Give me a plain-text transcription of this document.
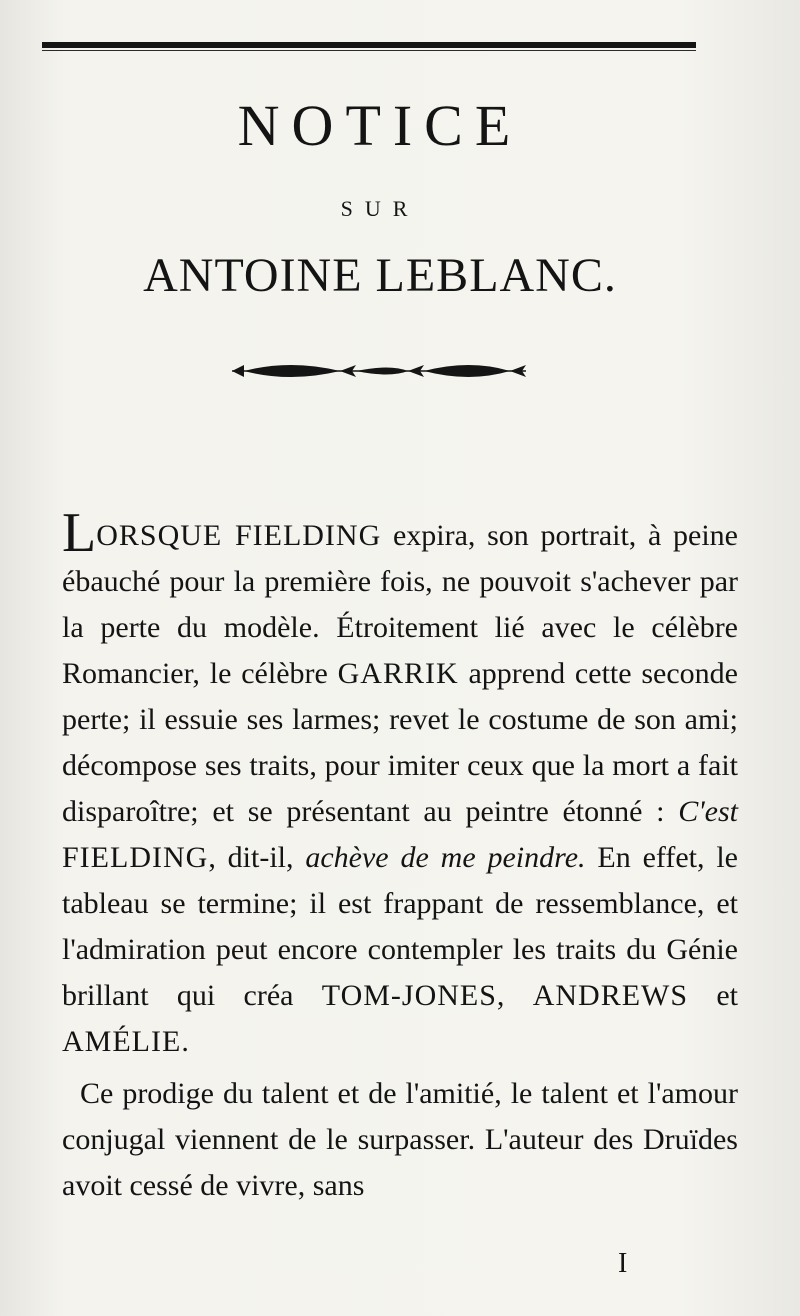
NOTICE
SUR
ANTOINE LEBLANC.

LORSQUE FIELDING expira, son portrait, à peine ébauché pour la première fois, ne pouvoit s'achever par la perte du modèle. Étroitement lié avec le célèbre Romancier, le célèbre GARRIK apprend cette seconde perte; il essuie ses larmes; revet le costume de son ami; décompose ses traits, pour imiter ceux que la mort a fait disparoître; et se présentant au peintre étonné : C'est FIELDING, dit-il, achève de me peindre. En effet, le tableau se termine; il est frappant de ressemblance, et l'admiration peut encore contempler les traits du Génie brillant qui créa TOM-JONES, ANDREWS et AMÉLIE.

Ce prodige du talent et de l'amitié, le talent et l'amour conjugal viennent de le surpasser. L'auteur des Druïdes avoit cessé de vivre, sans

I
